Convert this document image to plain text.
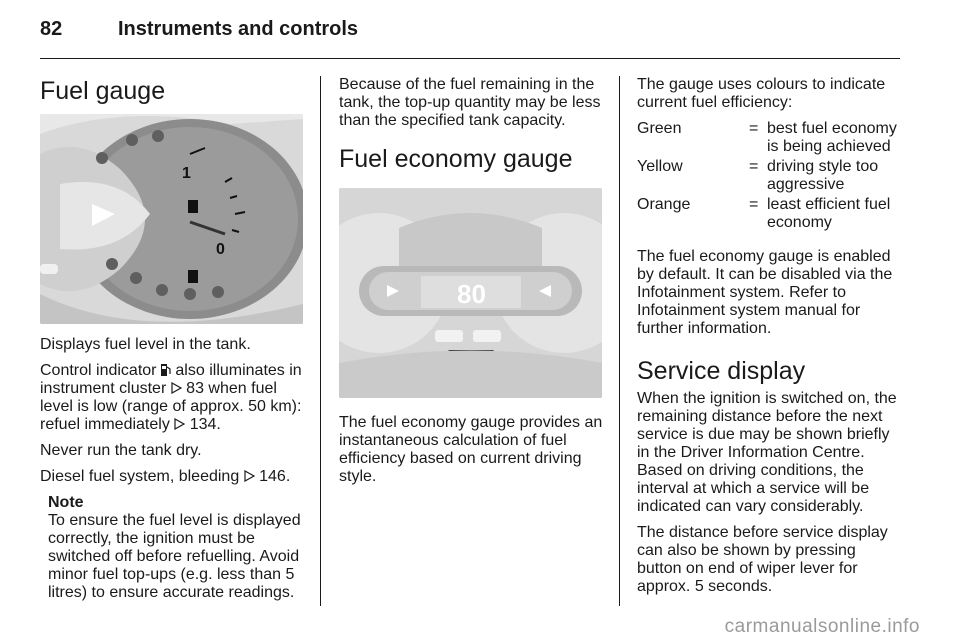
82	Instruments and controls
Fuel gauge
1
0

Displays fuel level in the tank.

Control indicator also illuminates in instrument cluster 83 when fuel level is low (range of approx. 50 km): refuel immediately 134.

Never run the tank dry.

Diesel fuel system, bleeding 146.

Note
To ensure the fuel level is displayed correctly, the ignition must be switched off before refuelling. Avoid minor fuel top-ups (e.g. less than 5 litres) to ensure accurate readings.

Because of the fuel remaining in the tank, the top-up quantity may be less than the specified tank capacity.

Fuel economy gauge
80

The fuel economy gauge provides an instantaneous calculation of fuel efficiency based on current driving style.

The gauge uses colours to indicate current fuel efficiency:

Green	=	best fuel economy is being achieved
Yellow	=	driving style too aggressive
Orange	=	least efficient fuel economy

The fuel economy gauge is enabled by default. It can be disabled via the Infotainment system. Refer to Infotainment system manual for further information.

Service display

When the ignition is switched on, the remaining distance before the next service is due may be shown briefly in the Driver Information Centre. Based on driving conditions, the interval at which a service will be indicated can vary considerably.

The distance before service display can also be shown by pressing button on end of wiper lever for approx. 5 seconds.

carmanualsonline.info
